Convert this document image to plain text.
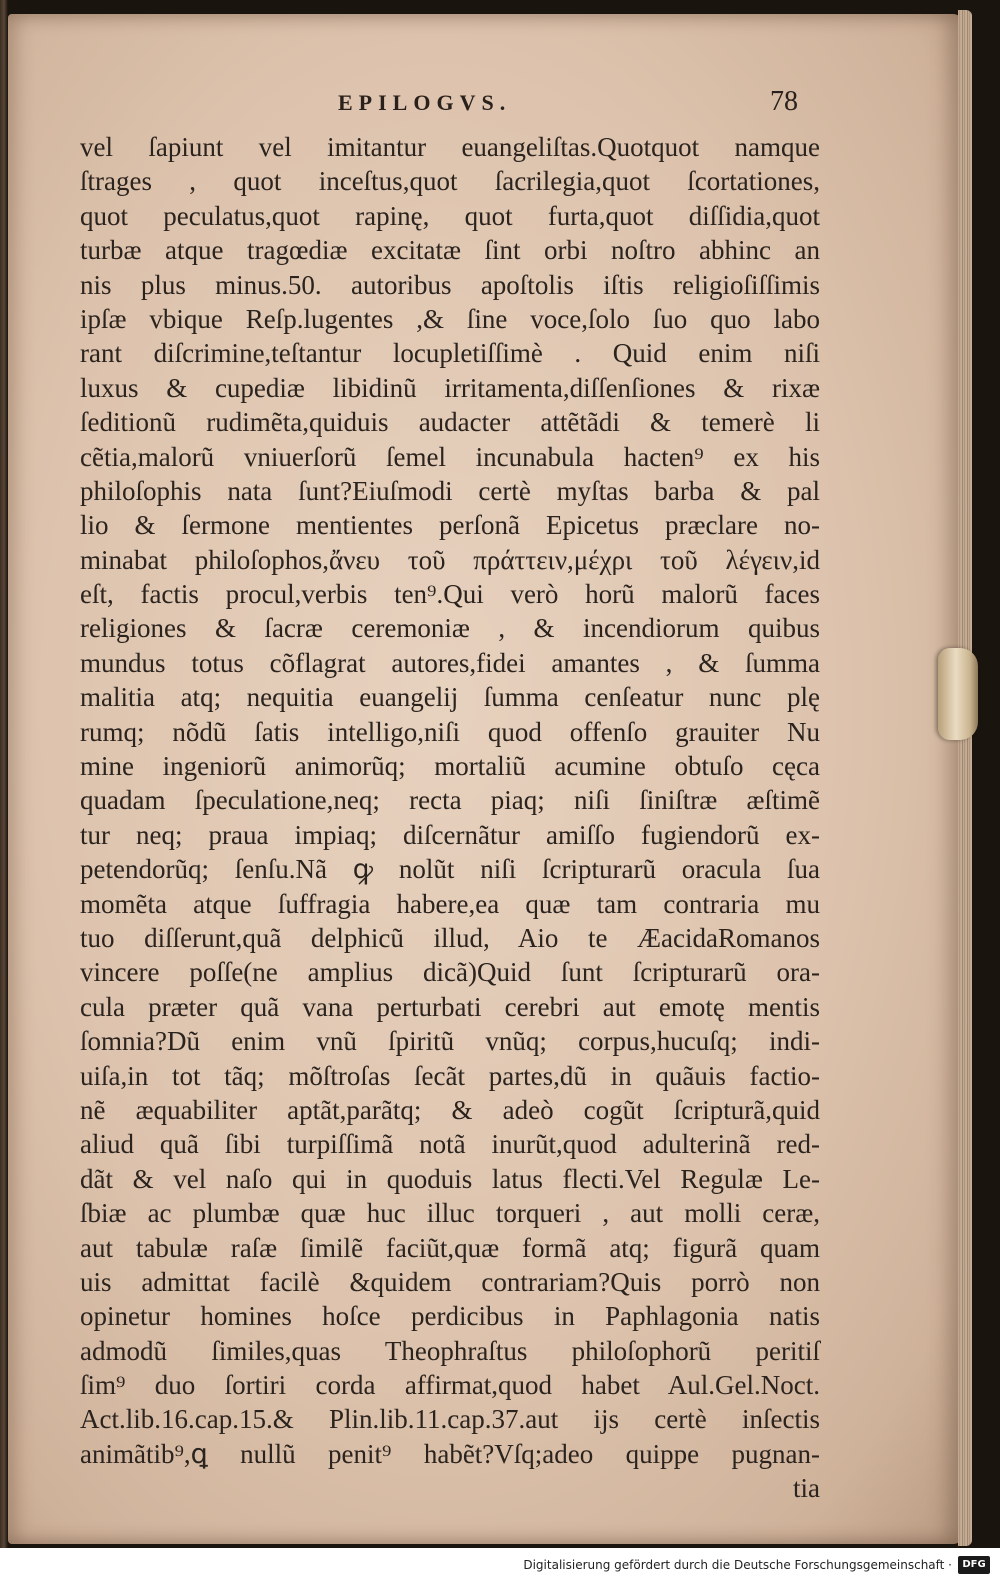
EPILOGVS.	78
vel ſapiunt vel imitantur euangeliſtas.Quotquot namque
ſtrages , quot inceſtus,quot ſacrilegia,quot ſcortationes,
quot peculatus,quot rapinę, quot furta,quot diſſidia,quot
turbæ atque tragœdiæ excitatæ ſint orbi noſtro abhinc an
nis plus minus.50. autoribus apoſtolis iſtis religioſiſſimis
ipſæ vbique Reſp.lugentes ,& ſine voce,ſolo ſuo quo labo
rant diſcrimine,teſtantur locupletiſſimè . Quid enim niſi
luxus & cupediæ libidinũ irritamenta,diſſenſiones & rixæ
ſeditionũ rudimẽta,quiduis audacter attẽtãdi & temerè li
cẽtia,malorũ vniuerſorũ ſemel incunabula hacten⁹ ex his
philoſophis nata ſunt?Eiuſmodi certè myſtas barba & pal
lio & ſermone mentientes perſonã Epicetus præclare no-
minabat philoſophos,ἄνευ τοῦ πράττειν,μέχρι τοῦ λέγειν,id
eſt, factis procul,verbis ten⁹.Qui verò horũ malorũ faces
religiones & ſacræ ceremoniæ , & incendiorum quibus
mundus totus cõflagrat autores,fidei amantes , & ſumma
malitia atq; nequitia euangelij ſumma cenſeatur nunc plę
rumq; nõdũ ſatis intelligo,niſi quod offenſo grauiter Nu
mine ingeniorũ animorũq; mortaliũ acumine obtuſo cęca
quadam ſpeculatione,neq; recta piaq; niſi ſiniſtræ æſtimẽ
tur neq; praua impiaq; diſcernãtur amiſſo fugiendorũ ex-
petendorũq; ſenſu.Nã ꝙ nolũt niſi ſcripturarũ oracula ſua
momẽta atque ſuffragia habere,ea quæ tam contraria mu
tuo diſſerunt,quã delphicũ illud, Aio te ÆacidaRomanos
vincere poſſe(ne amplius dicã)Quid ſunt ſcripturarũ ora-
cula præter quã vana perturbati cerebri aut emotę mentis
ſomnia?Dũ enim vnũ ſpiritũ vnũq; corpus,hucuſq; indi-
uiſa,in tot tãq; mõſtroſas ſecãt partes,dũ in quãuis factio-
nẽ æquabiliter aptãt,parãtq; & adeò cogũt ſcripturã,quid
aliud quã ſibi turpiſſimã notã inurũt,quod adulterinã red-
dãt & vel naſo qui in quoduis latus flecti.Vel Regulæ Le-
ſbiæ ac plumbæ quæ huc illuc torqueri , aut molli ceræ,
aut tabulæ raſæ ſimilẽ faciũt,quæ formã atq; figurã quam
uis admittat facilè &quidem contrariam?Quis porrò non
opinetur homines hoſce perdicibus in Paphlagonia natis
admodũ ſimiles,quas Theophraſtus philoſophorũ peritiſ
ſim⁹ duo ſortiri corda affirmat,quod habet Aul.Gel.Noct.
Act.lib.16.cap.15.& Plin.lib.11.cap.37.aut ijs certè inſectis
animãtib⁹,ꝗ nullũ penit⁹ habẽt?Vſq;adeo quippe pugnan-
tia
Digitalisierung gefördert durch die Deutsche Forschungsgemeinschaft ·	DFG
